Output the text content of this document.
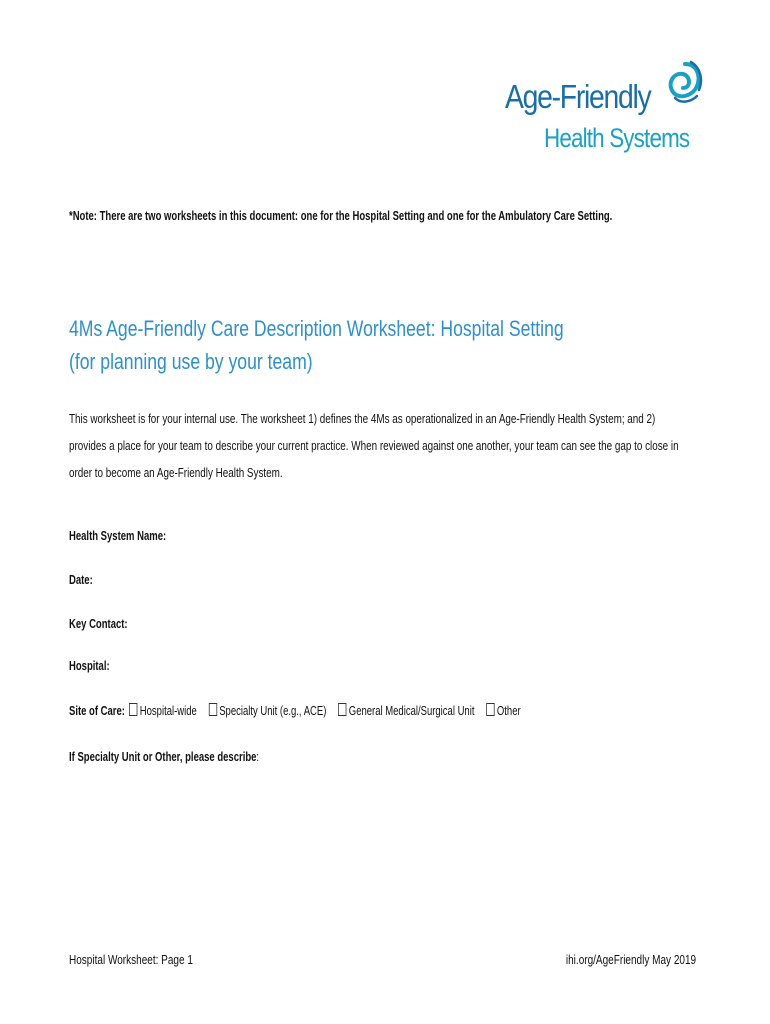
Age-Friendly
Health Systems
*Note: There are two worksheets in this document: one for the Hospital Setting and one for the Ambulatory Care Setting.
4Ms Age-Friendly Care Description Worksheet: Hospital Setting
(for planning use by your team)
This worksheet is for your internal use. The worksheet 1) defines the 4Ms as operationalized in an Age-Friendly Health System; and 2) provides a place for your team to describe your current practice. When reviewed against one another, your team can see the gap to close in order to become an Age-Friendly Health System.
Health System Name:
Date:
Key Contact:
Hospital:
Site of Care: Hospital-wide Specialty Unit (e.g., ACE) General Medical/Surgical Unit Other
If Specialty Unit or Other, please describe:
Hospital Worksheet: Page 1	ihi.org/AgeFriendly May 2019
